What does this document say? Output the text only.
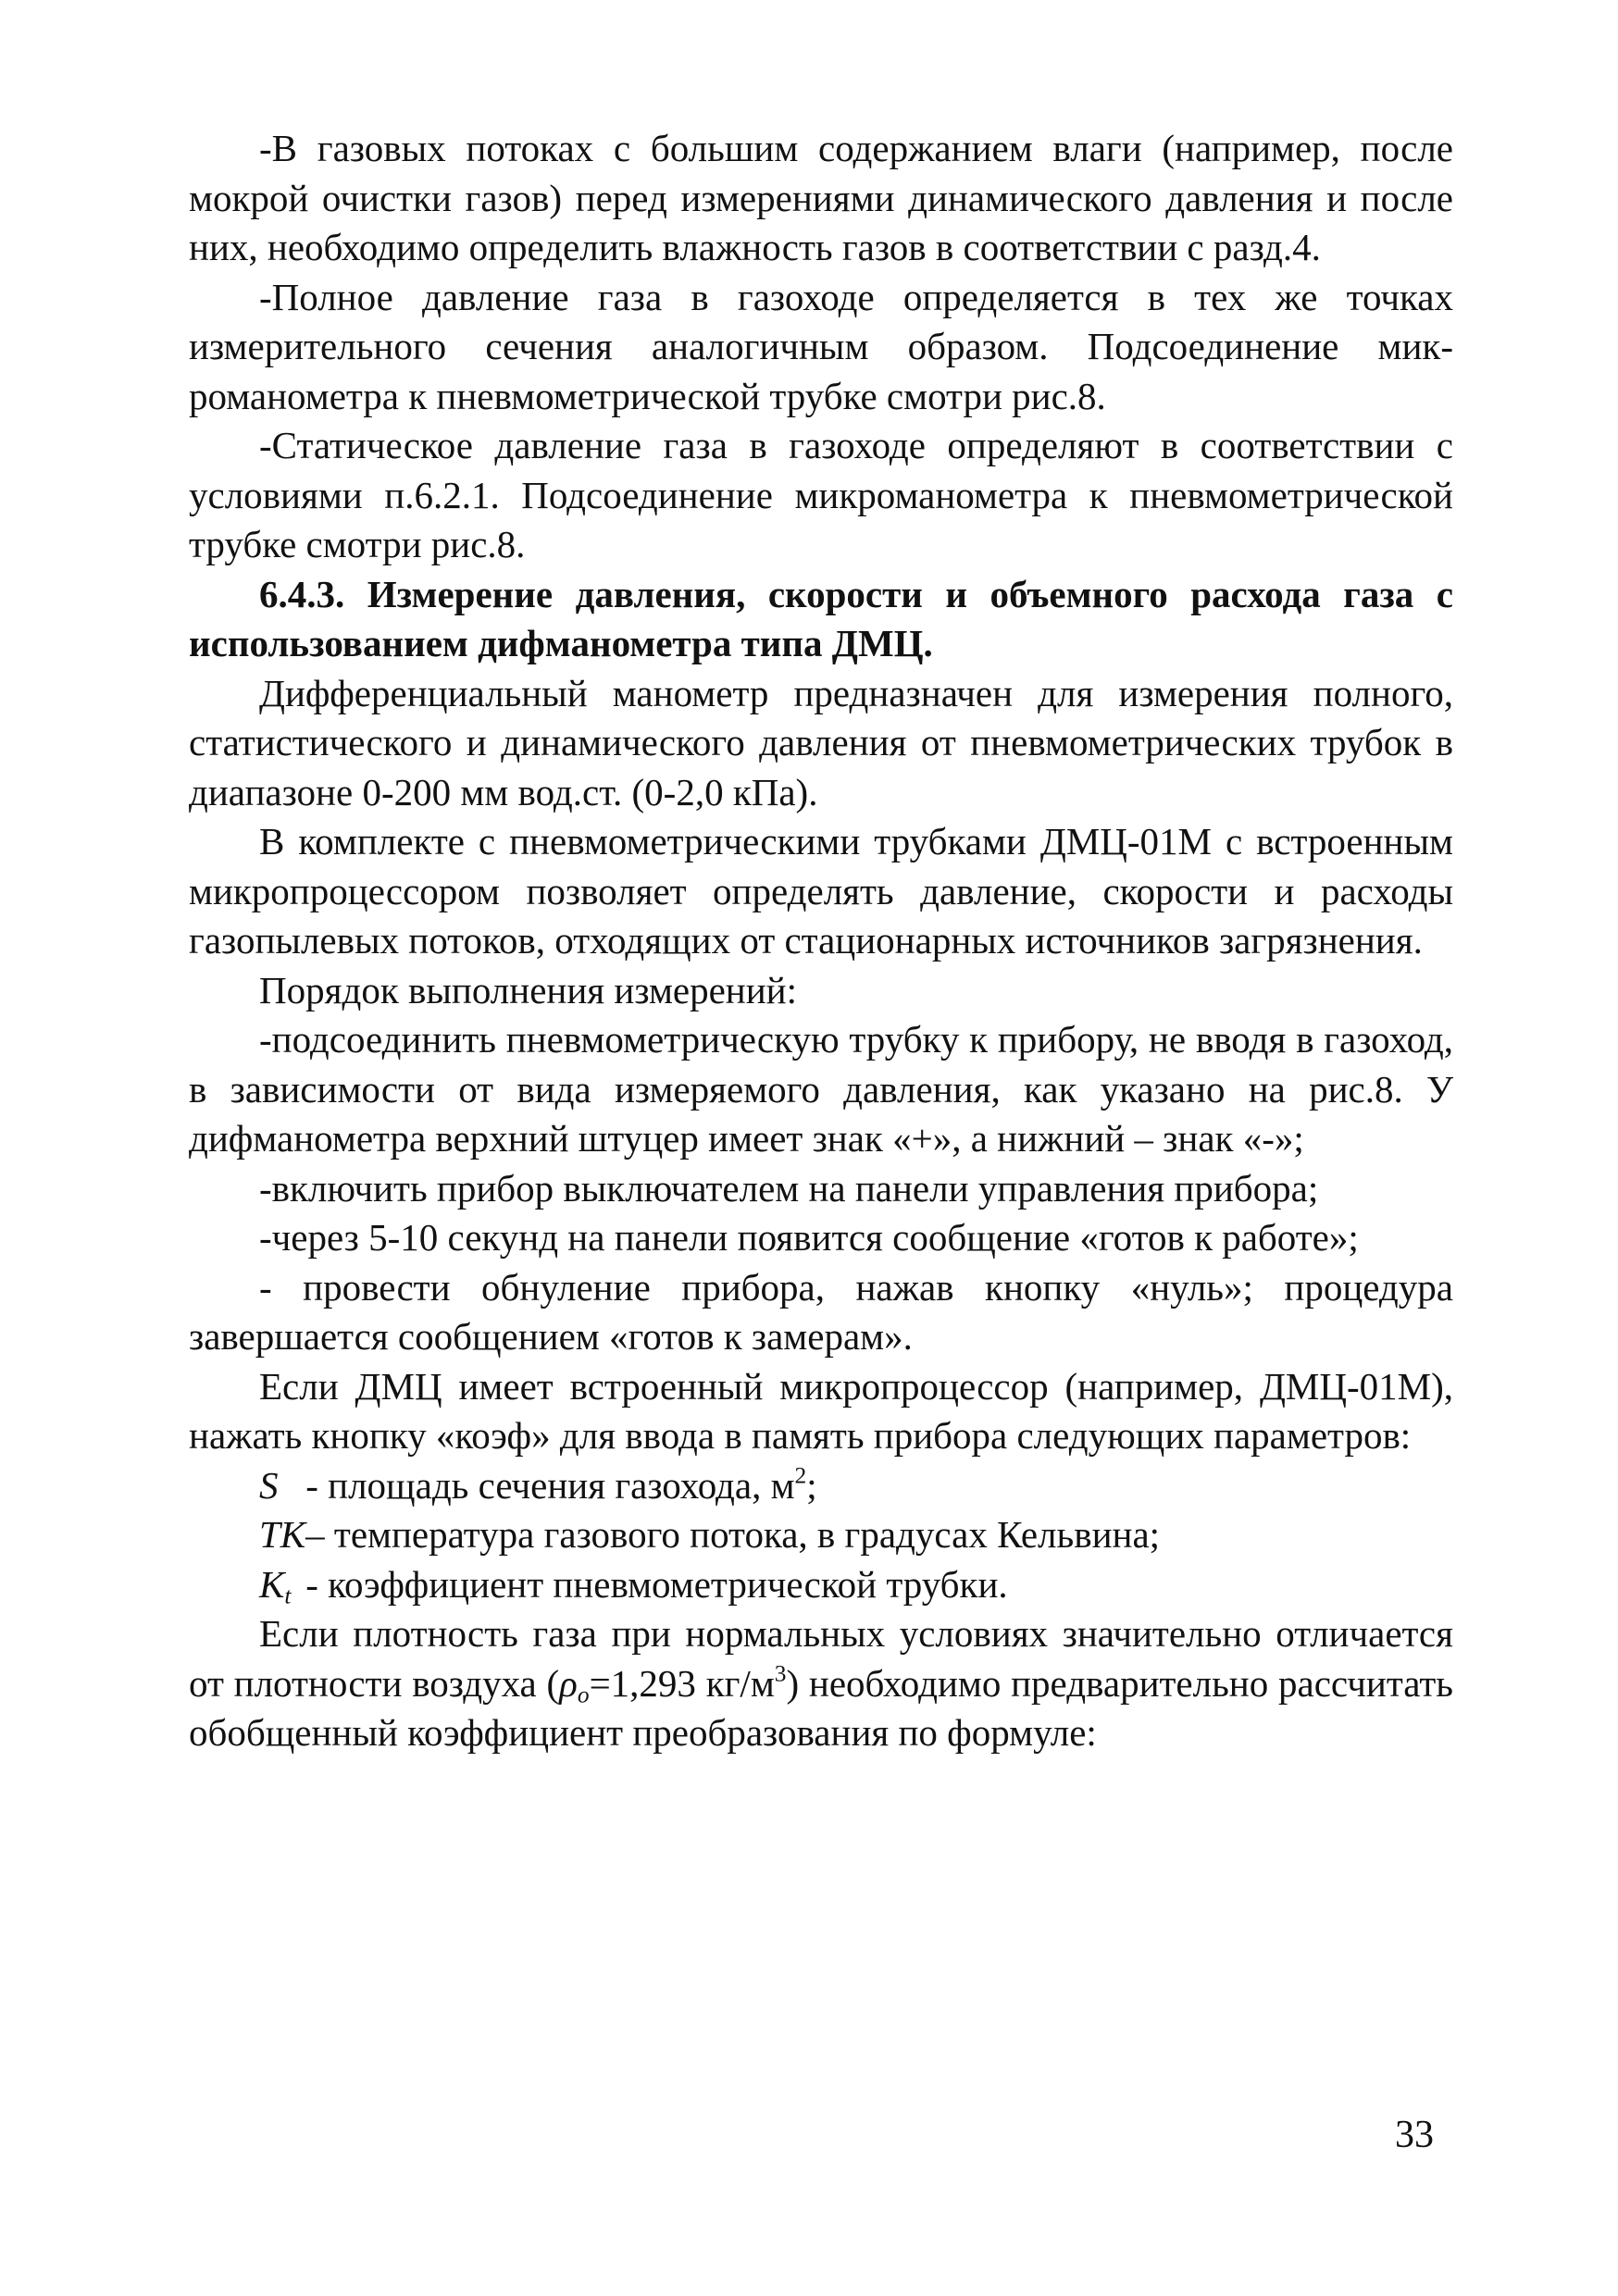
-В газовых потоках с большим содержанием влаги (например, после мокрой очистки газов) перед измерениями динамического давления и после них, необходимо определить влажность газов в соответствии с разд.4.

-Полное давление газа в газоходе определяется в тех же точках измерительного сечения аналогичным образом. Подсоединение микроманометра к пневмометрической трубке смотри рис.8.

-Статическое давление газа в газоходе определяют в соответствии с условиями п.6.2.1. Подсоединение микроманометра к пневмометрической трубке смотри рис.8.

6.4.3. Измерение давления, скорости и объемного расхода газа с использованием дифманометра типа ДМЦ.

Дифференциальный манометр предназначен для измерения полного, статистического и динамического давления от пневмометрических трубок в диапазоне 0-200 мм вод.ст. (0-2,0 кПа).

В комплекте с пневмометрическими трубками ДМЦ-01М с встроенным микропроцессором позволяет определять давление, скорости и расходы газопылевых потоков, отходящих от стационарных источников загрязнения.

Порядок выполнения измерений:

-подсоединить пневмометрическую трубку к прибору, не вводя в газоход, в зависимости от вида измеряемого давления, как указано на рис.8. У дифманометра верхний штуцер имеет знак «+», а нижний – знак «-»;

-включить прибор выключателем на панели управления прибора;

-через 5-10 секунд на панели появится сообщение «готов к работе»;

- провести обнуление прибора, нажав кнопку «нуль»; процедура завершается сообщением «готов к замерам».

Если ДМЦ имеет встроенный микропроцессор (например, ДМЦ-01М), нажать кнопку «коэф» для ввода в память прибора следующих параметров:

S - площадь сечения газохода, $м^2$;

TK– температура газового потока, в градусах Кельвина;

$K_t$ - коэффициент пневмометрической трубки.

Если плотность газа при нормальных условиях значительно отличается от плотности воздуха ($\rho_o=1,293$ $кг/м^3$) необходимо предварительно рассчитать обобщенный коэффициент преобразования по формуле:

33
